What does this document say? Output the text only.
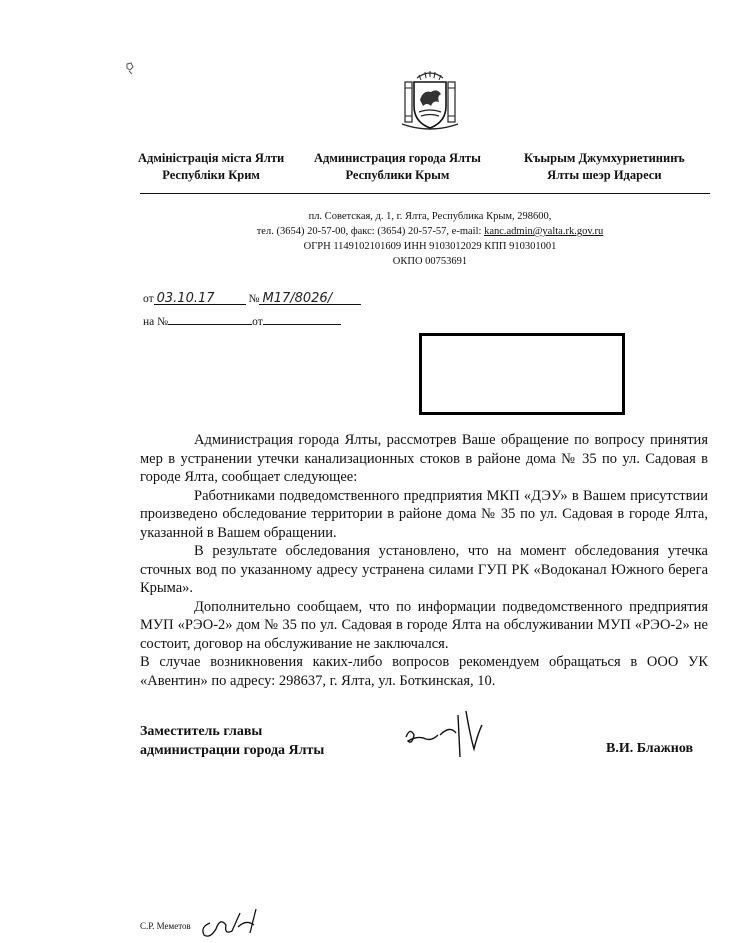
Адміністрація міста Ялти
Республіки Крим
Администрация города Ялты
Республики Крым
Къырым Джумхуриетининъ
Ялты шеэр Идареси
пл. Советская, д. 1, г. Ялта, Республика Крым, 298600,
тел. (3654) 20-57-00, факс: (3654) 20-57-57, e-mail: kanc.admin@yalta.rk.gov.ru
ОГРН 1149102101609 ИНН 9103012029 КПП 910301001
ОКПО 00753691
от 03.10.17	№ М17/8026/
на №	от

Администрация города Ялты, рассмотрев Ваше обращение по вопросу принятия мер в устранении утечки канализационных стоков в районе дома № 35 по ул. Садовая в городе Ялта, сообщает следующее:

Работниками подведомственного предприятия МКП «ДЭУ» в Вашем присутствии произведено обследование территории в районе дома № 35 по ул. Садовая в городе Ялта, указанной в Вашем обращении.

В результате обследования установлено, что на момент обследования утечка сточных вод по указанному адресу устранена силами ГУП РК «Водоканал Южного берега Крыма».

Дополнительно сообщаем, что по информации подведомственного предприятия МУП «РЭО-2» дом № 35 по ул. Садовая в городе Ялта на обслуживании МУП «РЭО-2» не состоит, договор на обслуживание не заключался.

В случае возникновения каких-либо вопросов рекомендуем обращаться в ООО УК «Авентин» по адресу: 298637, г. Ялта, ул. Боткинская, 10.

Заместитель главы
администрации города Ялты	В.И. Блажнов
С.Р. Меметов
